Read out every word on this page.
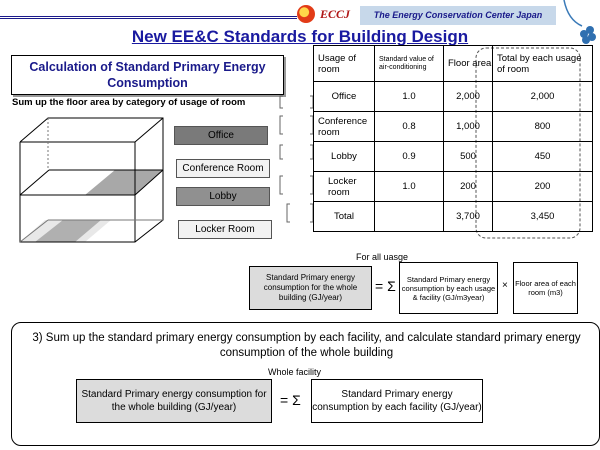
ECCJ	The Energy Conservation Center Japan
New EE&C Standards for Building Design
Calculation of Standard Primary Energy Consumption
Sum up the floor area by category of usage of room
Office
Conference Room
Lobby
Locker Room
Usage of room	Standard value of air-conditioning	Floor area	Total by each usage of room
Office	1.0	2,000	2,000
Conference room	0.8	1,000	800
Lobby	0.9	500	450
Locker room	1.0	200	200
Total		3,700	3,450
For all uasge
Standard Primary energy consumption for the whole building (GJ/year)
= Σ	Standard Primary energy consumption by each usage & facility (GJ/m3year)
× Floor area of each room (m3)
3) Sum up the standard primary energy consumption by each facility, and calculate standard primary energy consumption of the whole building
Whole facility
Standard Primary energy consumption for the whole building (GJ/year)	= Σ	Standard Primary energy consumption by each facility (GJ/year)
